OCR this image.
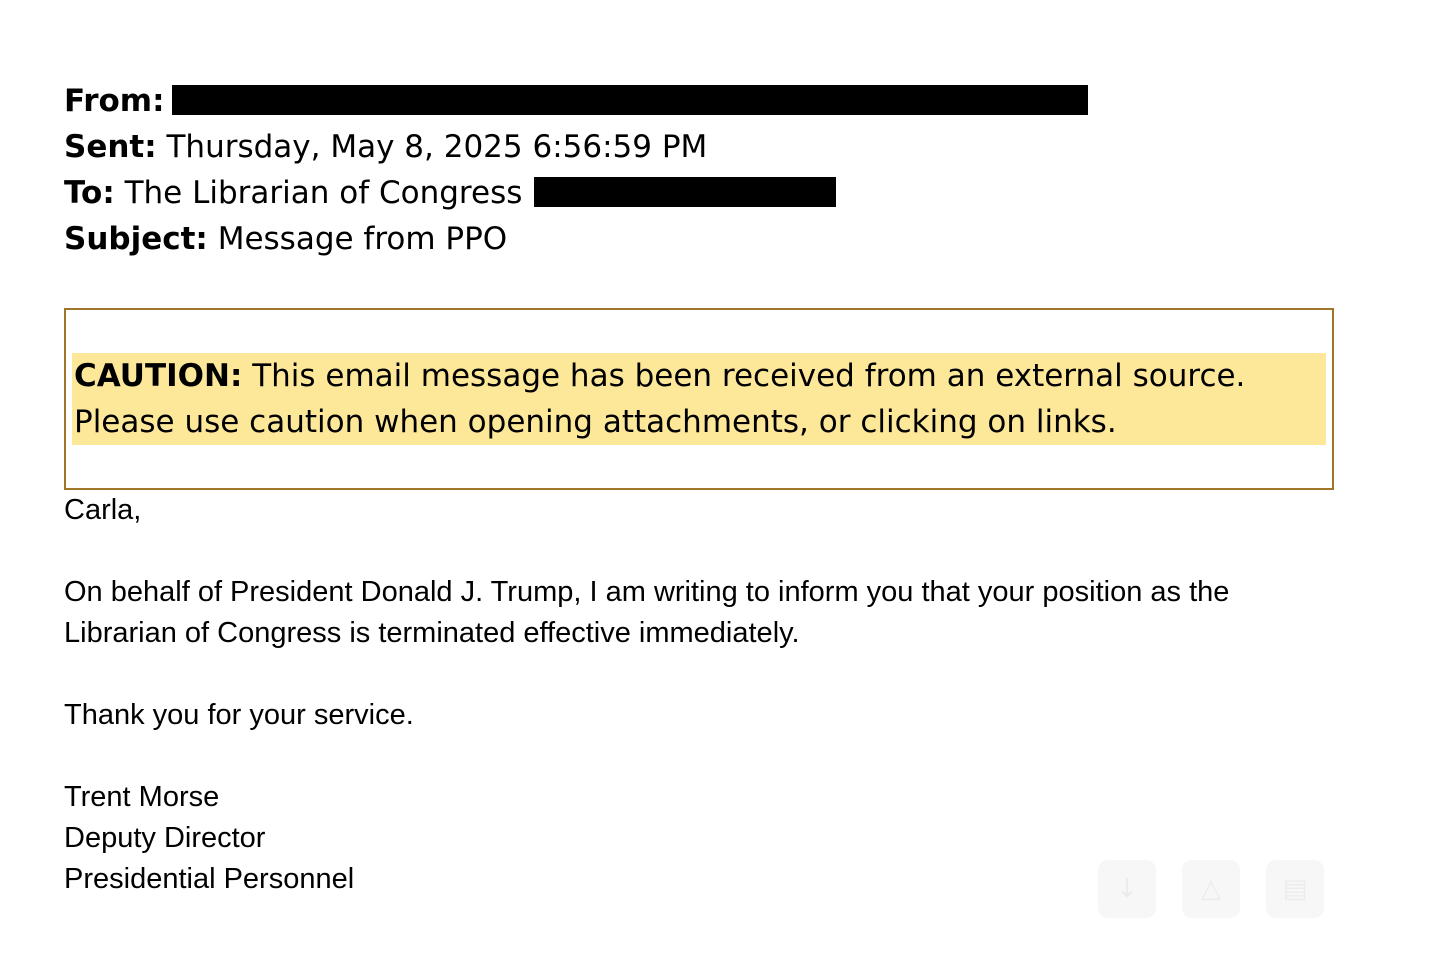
From:
Sent: Thursday, May 8, 2025 6:56:59 PM
To: The Librarian of Congress
Subject: Message from PPO
CAUTION: This email message has been received from an external source.
Please use caution when opening attachments, or clicking on links.

Carla,

On behalf of President Donald J. Trump, I am writing to inform you that your position as the
Librarian of Congress is terminated effective immediately.

Thank you for your service.

Trent Morse
Deputy Director
Presidential Personnel	↓	△	▤
